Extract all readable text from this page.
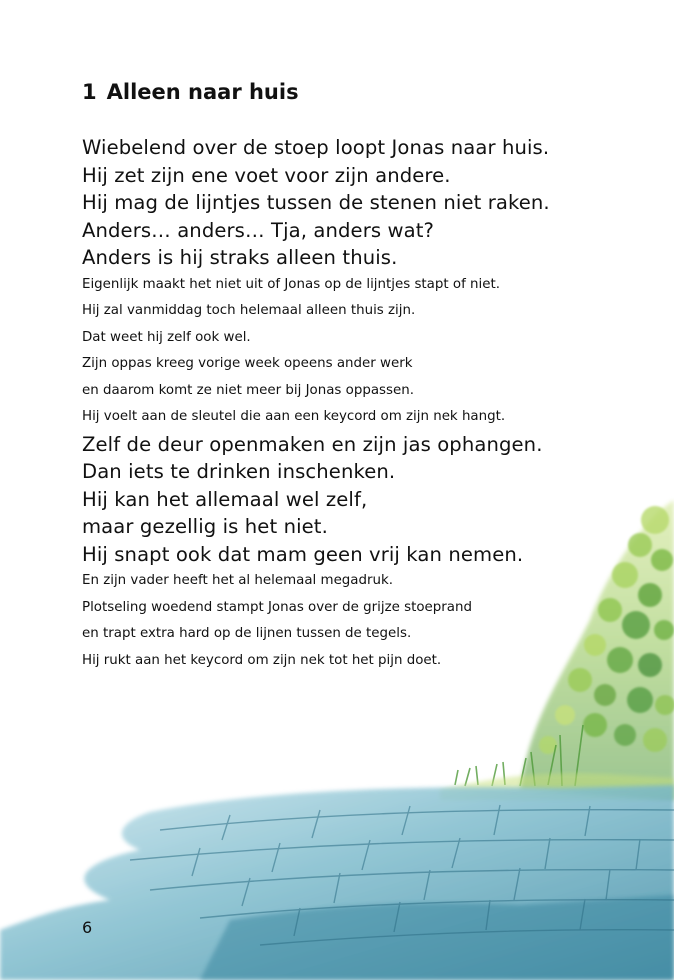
1 Alleen naar huis
Wiebelend over de stoep loopt Jonas naar huis.
Hij zet zijn ene voet voor zijn andere.
Hij mag de lijntjes tussen de stenen niet raken.
Anders… anders… Tja, anders wat?
Anders is hij straks alleen thuis.
Eigenlijk maakt het niet uit of Jonas op de lijntjes stapt of niet.
Hij zal vanmiddag toch helemaal alleen thuis zijn.
Dat weet hij zelf ook wel.
Zijn oppas kreeg vorige week opeens ander werk
en daarom komt ze niet meer bij Jonas oppassen.
Hij voelt aan de sleutel die aan een keycord om zijn nek hangt.
Zelf de deur openmaken en zijn jas ophangen.
Dan iets te drinken inschenken.
Hij kan het allemaal wel zelf,
maar gezellig is het niet.
Hij snapt ook dat mam geen vrij kan nemen.
En zijn vader heeft het al helemaal megadruk.
Plotseling woedend stampt Jonas over de grijze stoeprand
en trapt extra hard op de lijnen tussen de tegels.
Hij rukt aan het keycord om zijn nek tot het pijn doet.
6
